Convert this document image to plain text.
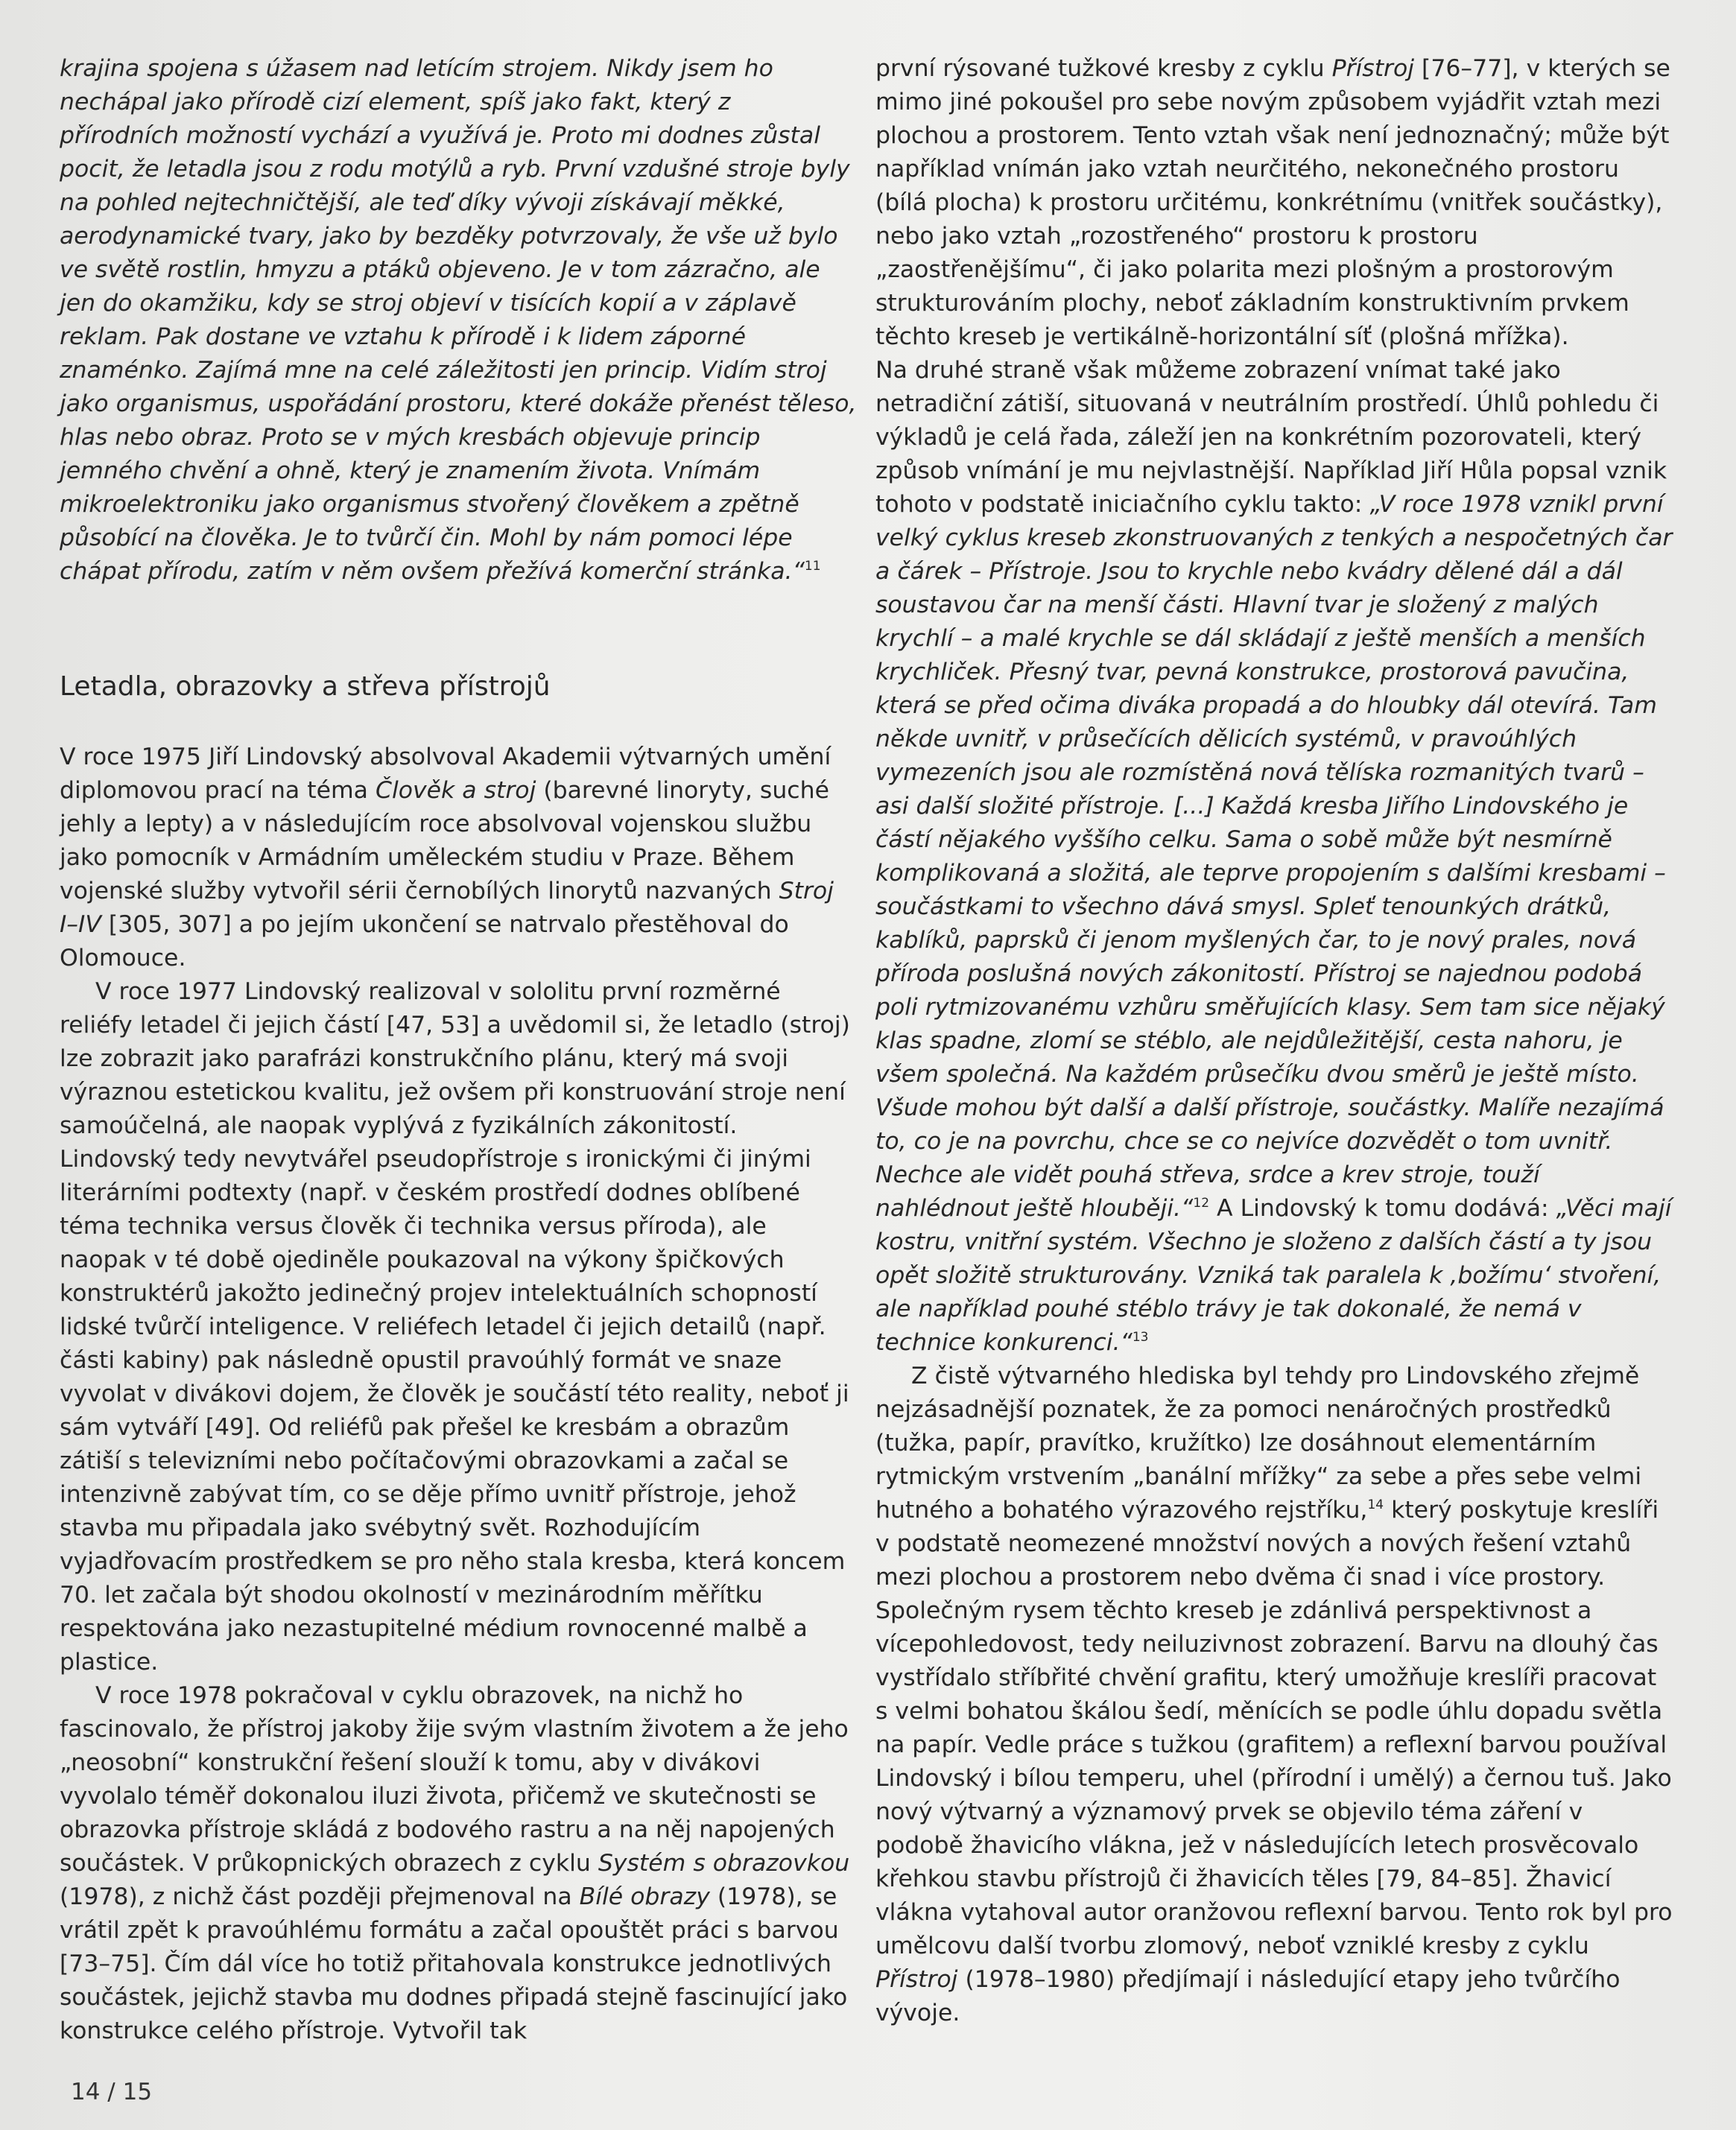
krajina spojena s úžasem nad letícím strojem. Nikdy jsem ho nechápal jako přírodě cizí element, spíš jako fakt, který z přírodních možností vychází a využívá je. Proto mi dodnes zůstal pocit, že letadla jsou z rodu motýlů a ryb. První vzdušné stroje byly na pohled nejtechničtější, ale teď díky vývoji získávají měkké, aerodynamické tvary, jako by bezděky potvrzovaly, že vše už bylo ve světě rostlin, hmyzu a ptáků objeveno. Je v tom zázračno, ale jen do okamžiku, kdy se stroj objeví v tisících kopií a v záplavě reklam. Pak dostane ve vztahu k přírodě i k lidem záporné znaménko. Zajímá mne na celé záležitosti jen princip. Vidím stroj jako organismus, uspořádání prostoru, které dokáže přenést těleso, hlas nebo obraz. Proto se v mých kresbách objevuje princip jemného chvění a ohně, který je znamením života. Vnímám mikroelektroniku jako organismus stvořený člověkem a zpětně působící na člověka. Je to tvůrčí čin. Mohl by nám pomoci lépe chápat přírodu, zatím v něm ovšem přežívá komerční stránka.“$^{11}$

Letadla, obrazovky a střeva přístrojů

V roce 1975 Jiří Lindovský absolvoval Akademii výtvarných umění diplomovou prací na téma Člověk a stroj (barevné linoryty, suché jehly a lepty) a v následujícím roce absolvoval vojenskou službu jako pomocník v Armádním uměleckém studiu v Praze. Během vojenské služby vytvořil sérii černobílých linorytů nazvaných Stroj I–IV [305, 307] a po jejím ukončení se natrvalo přestěhoval do Olomouce.

V roce 1977 Lindovský realizoval v sololitu první rozměrné reliéfy letadel či jejich částí [47, 53] a uvědomil si, že letadlo (stroj) lze zobrazit jako parafrázi konstrukčního plánu, který má svoji výraznou estetickou kvalitu, jež ovšem při konstruování stroje není samoúčelná, ale naopak vyplývá z fyzikálních zákonitostí. Lindovský tedy nevytvářel pseudopřístroje s ironickými či jinými literárními podtexty (např. v českém prostředí dodnes oblíbené téma technika versus člověk či technika versus příroda), ale naopak v té době ojediněle poukazoval na výkony špičkových konstruktérů jakožto jedinečný projev intelektuálních schopností lidské tvůrčí inteligence. V reliéfech letadel či jejich detailů (např. části kabiny) pak následně opustil pravoúhlý formát ve snaze vyvolat v divákovi dojem, že člověk je součástí této reality, neboť ji sám vytváří [49]. Od reliéfů pak přešel ke kresbám a obrazům zátiší s televizními nebo počítačovými obrazovkami a začal se intenzivně zabývat tím, co se děje přímo uvnitř přístroje, jehož stavba mu připadala jako svébytný svět. Rozhodujícím vyjadřovacím prostředkem se pro něho stala kresba, která koncem 70. let začala být shodou okolností v mezinárodním měřítku respektována jako nezastupitelné médium rovnocenné malbě a plastice.

V roce 1978 pokračoval v cyklu obrazovek, na nichž ho fascinovalo, že přístroj jakoby žije svým vlastním životem a že jeho „neosobní“ konstrukční řešení slouží k tomu, aby v divákovi vyvolalo téměř dokonalou iluzi života, přičemž ve skutečnosti se obrazovka přístroje skládá z bodového rastru a na něj napojených součástek. V průkopnických obrazech z cyklu Systém s obrazovkou (1978), z nichž část později přejmenoval na Bílé obrazy (1978), se vrátil zpět k pravoúhlému formátu a začal opouštět práci s barvou [73–75]. Čím dál více ho totiž přitahovala konstrukce jednotlivých součástek, jejichž stavba mu dodnes připadá stejně fascinující jako konstrukce celého přístroje. Vytvořil tak

první rýsované tužkové kresby z cyklu Přístroj [76–77], v kterých se mimo jiné pokoušel pro sebe novým způsobem vyjádřit vztah mezi plochou a prostorem. Tento vztah však není jednoznačný; může být například vnímán jako vztah neurčitého, nekonečného prostoru (bílá plocha) k prostoru určitému, konkrétnímu (vnitřek součástky), nebo jako vztah „rozostřeného“ prostoru k prostoru „zaostřenějšímu“, či jako polarita mezi plošným a prostorovým strukturováním plochy, neboť základním konstruktivním prvkem těchto kreseb je vertikálně-horizontální síť (plošná mřížka).

Na druhé straně však můžeme zobrazení vnímat také jako netradiční zátiší, situovaná v neutrálním prostředí. Úhlů pohledu či výkladů je celá řada, záleží jen na konkrétním pozorovateli, který způsob vnímání je mu nejvlastnější. Například Jiří Hůla popsal vznik tohoto v podstatě iniciačního cyklu takto: „V roce 1978 vznikl první velký cyklus kreseb zkonstruovaných z tenkých a nespočetných čar a čárek – Přístroje. Jsou to krychle nebo kvádry dělené dál a dál soustavou čar na menší části. Hlavní tvar je složený z malých krychlí – a malé krychle se dál skládají z ještě menších a menších krychliček. Přesný tvar, pevná konstrukce, prostorová pavučina, která se před očima diváka propadá a do hloubky dál otevírá. Tam někde uvnitř, v průsečících dělicích systémů, v pravoúhlých vymezeních jsou ale rozmístěná nová tělíska rozmanitých tvarů – asi další složité přístroje. [...] Každá kresba Jiřího Lindovského je částí nějakého vyššího celku. Sama o sobě může být nesmírně komplikovaná a složitá, ale teprve propojením s dalšími kresbami – součástkami to všechno dává smysl. Spleť tenounkých drátků, kablíků, paprsků či jenom myšlených čar, to je nový prales, nová příroda poslušná nových zákonitostí. Přístroj se najednou podobá poli rytmizovanému vzhůru směřujících klasy. Sem tam sice nějaký klas spadne, zlomí se stéblo, ale nejdůležitější, cesta nahoru, je všem společná. Na každém průsečíku dvou směrů je ještě místo. Všude mohou být další a další přístroje, součástky. Malíře nezajímá to, co je na povrchu, chce se co nejvíce dozvědět o tom uvnitř. Nechce ale vidět pouhá střeva, srdce a krev stroje, touží nahlédnout ještě hlouběji.“$^{12}$ A Lindovský k tomu dodává: „Věci mají kostru, vnitřní systém. Všechno je složeno z dalších částí a ty jsou opět složitě strukturovány. Vzniká tak paralela k ‚božímu‘ stvoření, ale například pouhé stéblo trávy je tak dokonalé, že nemá v technice konkurenci.“$^{13}$

Z čistě výtvarného hlediska byl tehdy pro Lindovského zřejmě nejzásadnější poznatek, že za pomoci nenáročných prostředků (tužka, papír, pravítko, kružítko) lze dosáhnout elementárním rytmickým vrstvením „banální mřížky“ za sebe a přes sebe velmi hutného a bohatého výrazového rejstříku,$^{14}$ který poskytuje kreslíři v podstatě neomezené množství nových a nových řešení vztahů mezi plochou a prostorem nebo dvěma či snad i více prostory. Společným rysem těchto kreseb je zdánlivá perspektivnost a vícepohledovost, tedy neiluzivnost zobrazení. Barvu na dlouhý čas vystřídalo stříbřité chvění grafitu, který umožňuje kreslíři pracovat s velmi bohatou škálou šedí, měnících se podle úhlu dopadu světla na papír. Vedle práce s tužkou (grafitem) a reflexní barvou používal Lindovský i bílou temperu, uhel (přírodní i umělý) a černou tuš. Jako nový výtvarný a významový prvek se objevilo téma záření v podobě žhavicího vlákna, jež v následujících letech prosvěcovalo křehkou stavbu přístrojů či žhavicích těles [79, 84–85]. Žhavicí vlákna vytahoval autor oranžovou reflexní barvou. Tento rok byl pro umělcovu další tvorbu zlomový, neboť vzniklé kresby z cyklu Přístroj (1978–1980) předjímají i následující etapy jeho tvůrčího vývoje.

14 / 15
